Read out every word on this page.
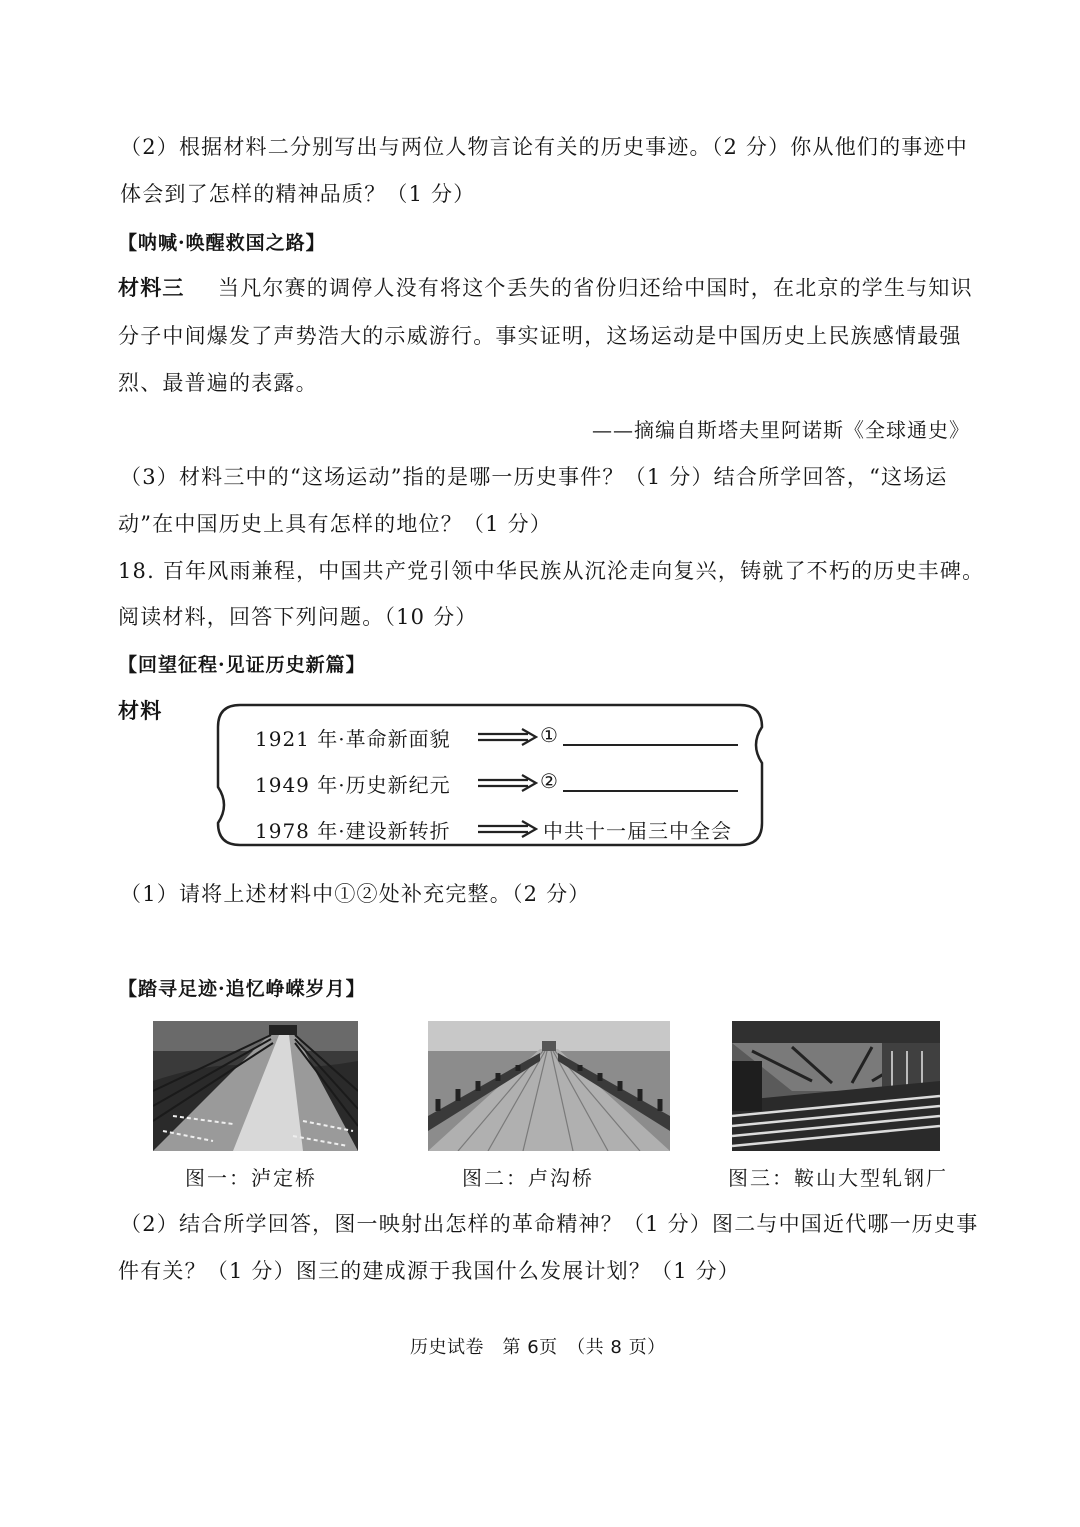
（2）根据材料二分别写出与两位人物言论有关的历史事迹。（2 分）你从他们的事迹中
体会到了怎样的精神品质？（1 分）
【呐喊·唤醒救国之路】
材料三 当凡尔赛的调停人没有将这个丢失的省份归还给中国时，在北京的学生与知识
分子中间爆发了声势浩大的示威游行。事实证明，这场运动是中国历史上民族感情最强
烈、最普遍的表露。
——摘编自斯塔夫里阿诺斯《全球通史》
（3）材料三中的“这场运动”指的是哪一历史事件？（1 分）结合所学回答，“这场运
动”在中国历史上具有怎样的地位？（1 分）
18. 百年风雨兼程，中国共产党引领中华民族从沉沦走向复兴，铸就了不朽的历史丰碑。
阅读材料，回答下列问题。（10 分）
【回望征程·见证历史新篇】
材料
1921 年·革命新面貌	①
1949 年·历史新纪元	②
1978 年·建设新转折	中共十一届三中全会
（1）请将上述材料中①②处补充完整。（2 分）
【踏寻足迹·追忆峥嵘岁月】
图一：泸定桥	图二：卢沟桥	图三：鞍山大型轧钢厂
（2）结合所学回答，图一映射出怎样的革命精神？（1 分）图二与中国近代哪一历史事
件有关？（1 分）图三的建成源于我国什么发展计划？（1 分）
历史试卷　第 6页　（共 8 页）
